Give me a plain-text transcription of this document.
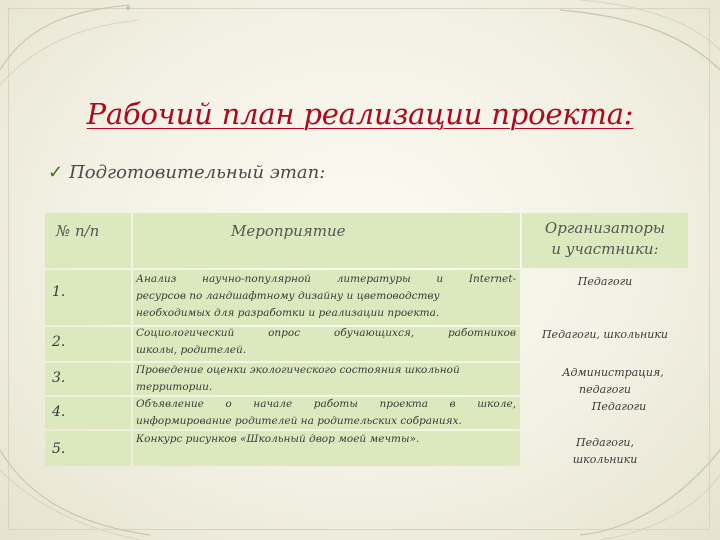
Рабочий план реализации проекта:
✓ Подготовительный этап:
№ п/п	Мероприятие	Организаторы
и участники:
1.
2.
3.
4.
5.
Анализ научно-популярной литературы и Internet-
ресурсов по ландшафтному дизайну и цветоводству
необходимых для разработки и реализации проекта.
Социологический опрос обучающихся, работников
школы, родителей.
Проведение оценки экологического состояния школьной
территории.
Объявление о начале работы проекта в школе,
информирование родителей на родительских собраниях.
Конкурс рисунков «Школьный двор моей мечты».
Педагоги
Педагоги, школьники
Администрация,
педагоги
Педагоги
Педагоги,
школьники
